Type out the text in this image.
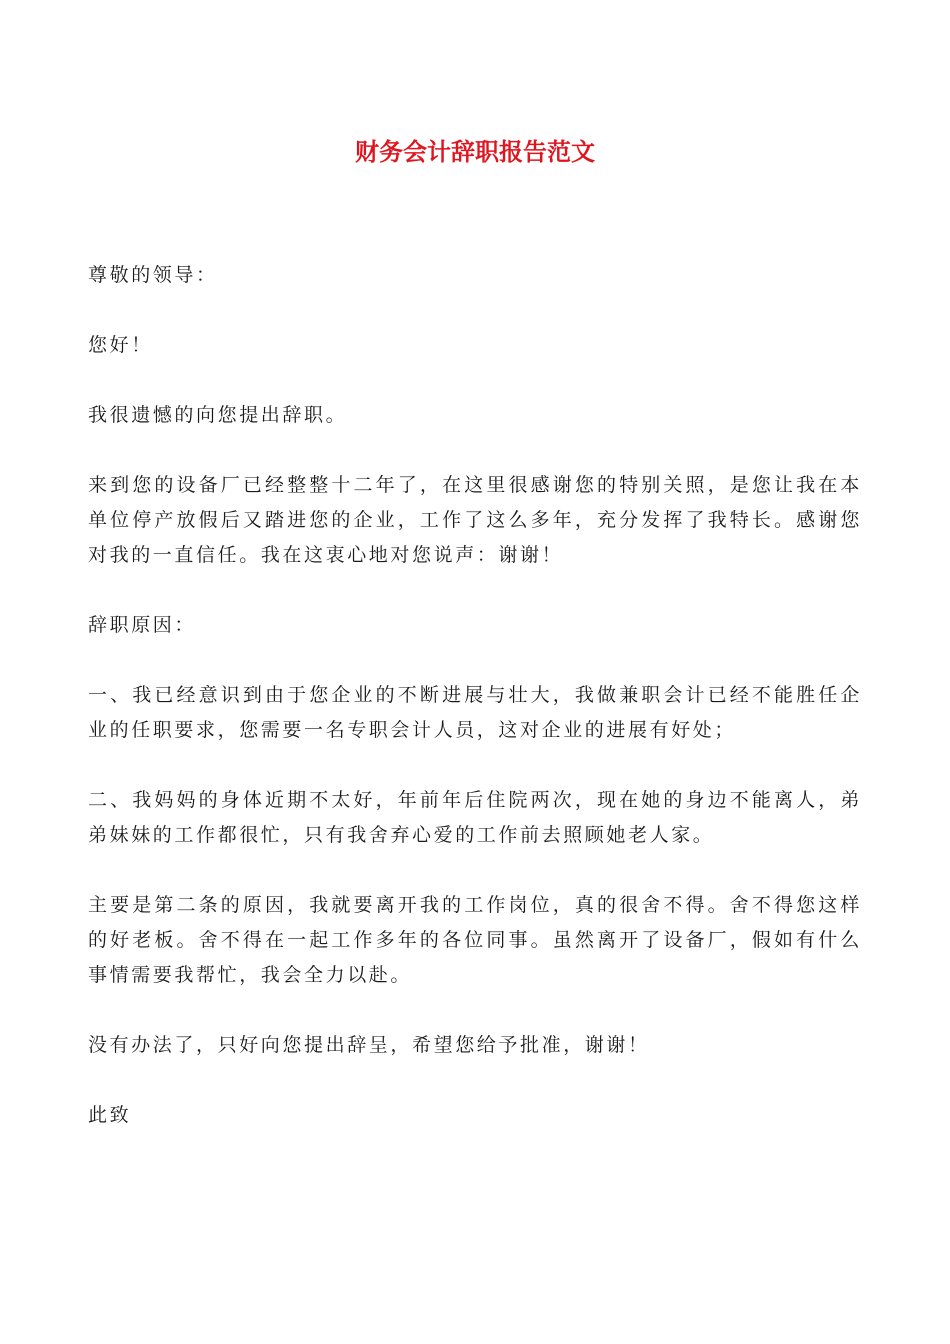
财务会计辞职报告范文

尊敬的领导：

您好！

我很遗憾的向您提出辞职。

来到您的设备厂已经整整十二年了，在这里很感谢您的特别关照，是您让我在本单位停产放假后又踏进您的企业，工作了这么多年，充分发挥了我特长。感谢您对我的一直信任。我在这衷心地对您说声：谢谢！

辞职原因：

一、我已经意识到由于您企业的不断进展与壮大，我做兼职会计已经不能胜任企业的任职要求，您需要一名专职会计人员，这对企业的进展有好处；

二、我妈妈的身体近期不太好，年前年后住院两次，现在她的身边不能离人，弟弟妹妹的工作都很忙，只有我舍弃心爱的工作前去照顾她老人家。

主要是第二条的原因，我就要离开我的工作岗位，真的很舍不得。舍不得您这样的好老板。舍不得在一起工作多年的各位同事。虽然离开了设备厂，假如有什么事情需要我帮忙，我会全力以赴。

没有办法了，只好向您提出辞呈，希望您给予批准，谢谢！

此致
